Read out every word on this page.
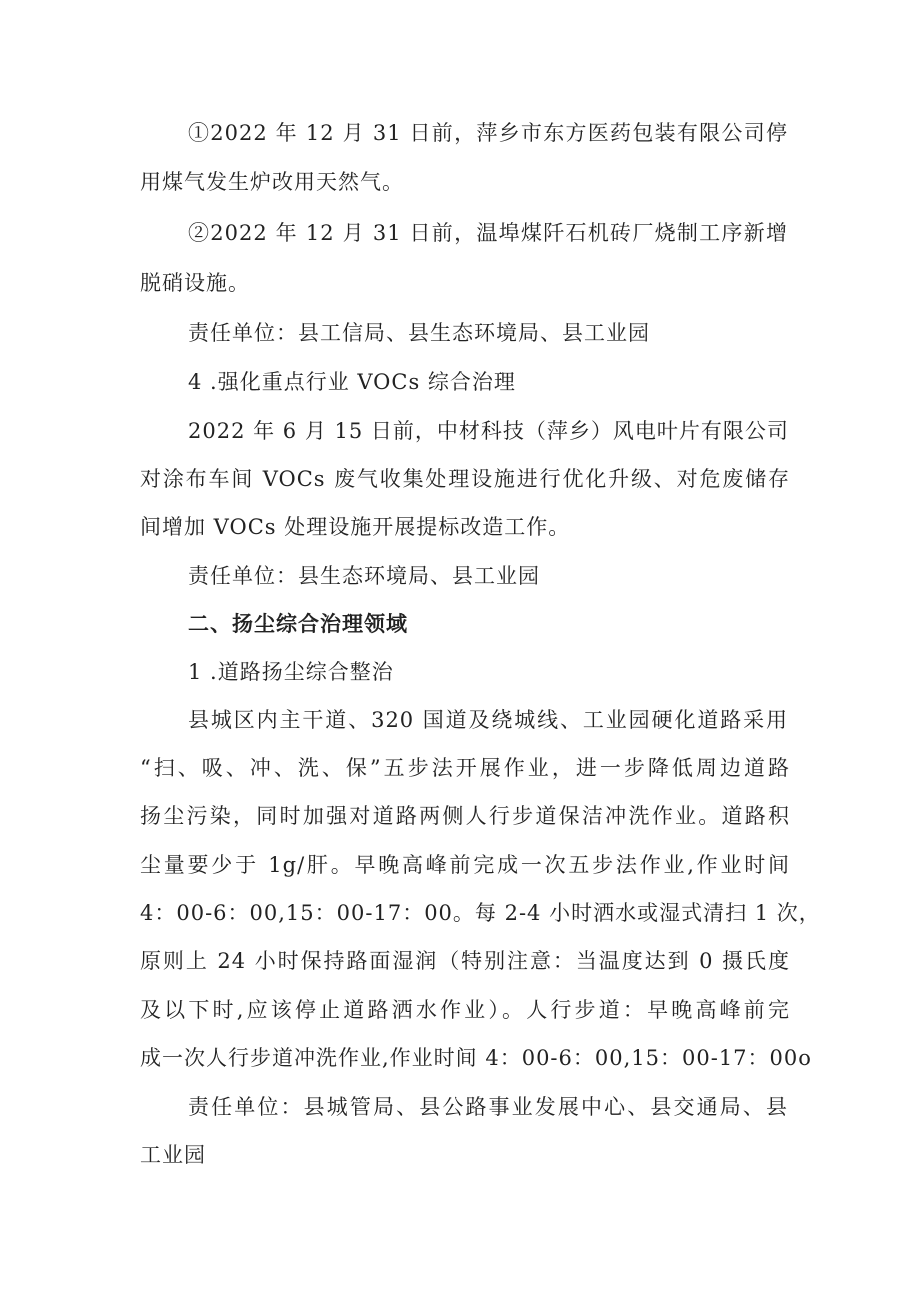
①2022 年 12 月 31 日前，萍乡市东方医药包装有限公司停
用煤气发生炉改用天然气。
②2022 年 12 月 31 日前，温埠煤阡石机砖厂烧制工序新增
脱硝设施。
责任单位：县工信局、县生态环境局、县工业园
4 .强化重点行业 VOCs 综合治理
2022 年 6 月 15 日前，中材科技（萍乡）风电叶片有限公司
对涂布车间 VOCs 废气收集处理设施进行优化升级、对危废储存
间增加 VOCs 处理设施开展提标改造工作。
责任单位：县生态环境局、县工业园
二、扬尘综合治理领域
1 .道路扬尘综合整治
县城区内主干道、320 国道及绕城线、工业园硬化道路采用
“扫、吸、冲、洗、保”五步法开展作业，进一步降低周边道路
扬尘污染，同时加强对道路两侧人行步道保洁冲洗作业。道路积
尘量要少于 1g/肝。早晚高峰前完成一次五步法作业,作业时间
4：00-6：00,15：00-17：00。每 2-4 小时洒水或湿式清扫 1 次，
原则上 24 小时保持路面湿润（特别注意：当温度达到 0 摄氏度
及以下时,应该停止道路洒水作业）。人行步道：早晚高峰前完
成一次人行步道冲洗作业,作业时间 4：00-6：00,15：00-17：00o
责任单位：县城管局、县公路事业发展中心、县交通局、县
工业园
